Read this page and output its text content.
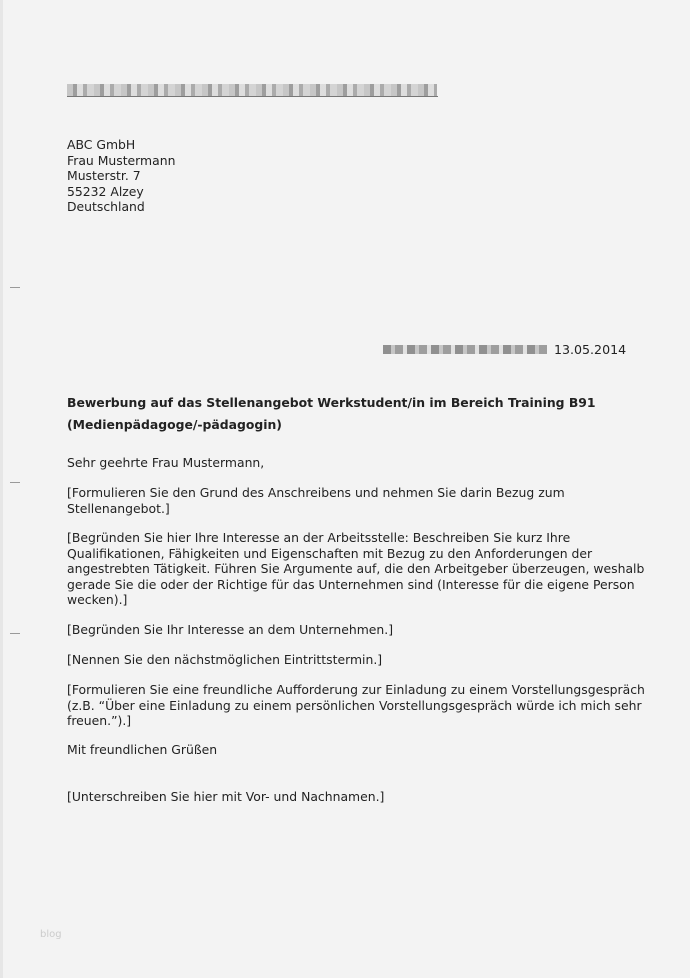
ABC GmbH
Frau Mustermann
Musterstr. 7
55232 Alzey
Deutschland
13.05.2014
Bewerbung auf das Stellenangebot Werkstudent/in im Bereich Training B91
(Medienpädagoge/-pädagogin)
Sehr geehrte Frau Mustermann,
[Formulieren Sie den Grund des Anschreibens und nehmen Sie darin Bezug zum
Stellenangebot.]
[Begründen Sie hier Ihre Interesse an der Arbeitsstelle: Beschreiben Sie kurz Ihre
Qualifikationen, Fähigkeiten und Eigenschaften mit Bezug zu den Anforderungen der
angestrebten Tätigkeit. Führen Sie Argumente auf, die den Arbeitgeber überzeugen, weshalb
gerade Sie die oder der Richtige für das Unternehmen sind (Interesse für die eigene Person
wecken).]
[Begründen Sie Ihr Interesse an dem Unternehmen.]
[Nennen Sie den nächstmöglichen Eintrittstermin.]
[Formulieren Sie eine freundliche Aufforderung zur Einladung zu einem Vorstellungsgespräch
(z.B. “Über eine Einladung zu einem persönlichen Vorstellungsgespräch würde ich mich sehr
freuen.”).]
Mit freundlichen Grüßen
[Unterschreiben Sie hier mit Vor- und Nachnamen.]
blog
